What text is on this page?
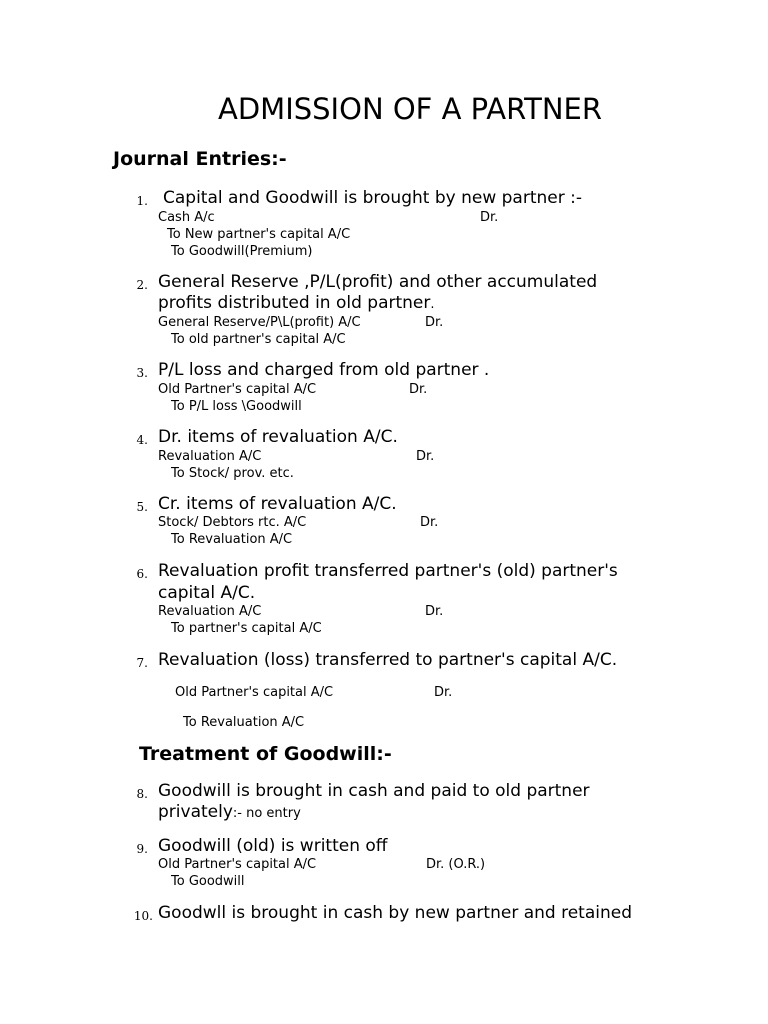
ADMISSION OF A PARTNER
Journal Entries:-
1. Capital and Goodwill is brought by new partner :-
Cash A/c	Dr.
To New partner's capital A/C
To Goodwill(Premium)
2. General Reserve ,P/L(profit) and other accumulated
profits distributed in old partner.
General Reserve/P\L(profit) A/C	Dr.
To old partner's capital A/C
3. P/L loss and charged from old partner .
Old Partner's capital A/C	Dr.
To P/L loss \Goodwill
4. Dr. items of revaluation A/C.
Revaluation A/C	Dr.
To Stock/ prov. etc.
5. Cr. items of revaluation A/C.
Stock/ Debtors rtc. A/C	Dr.
To Revaluation A/C
6. Revaluation profit transferred partner's (old) partner's
capital A/C.
Revaluation A/C	Dr.
To partner's capital A/C
7. Revaluation (loss) transferred to partner's capital A/C.
Old Partner's capital A/C	Dr.
To Revaluation A/C
Treatment of Goodwill:-
8. Goodwill is brought in cash and paid to old partner
privately:- no entry
9. Goodwill (old) is written off
Old Partner's capital A/C	Dr. (O.R.)
To Goodwill
10. Goodwll is brought in cash by new partner and retained
